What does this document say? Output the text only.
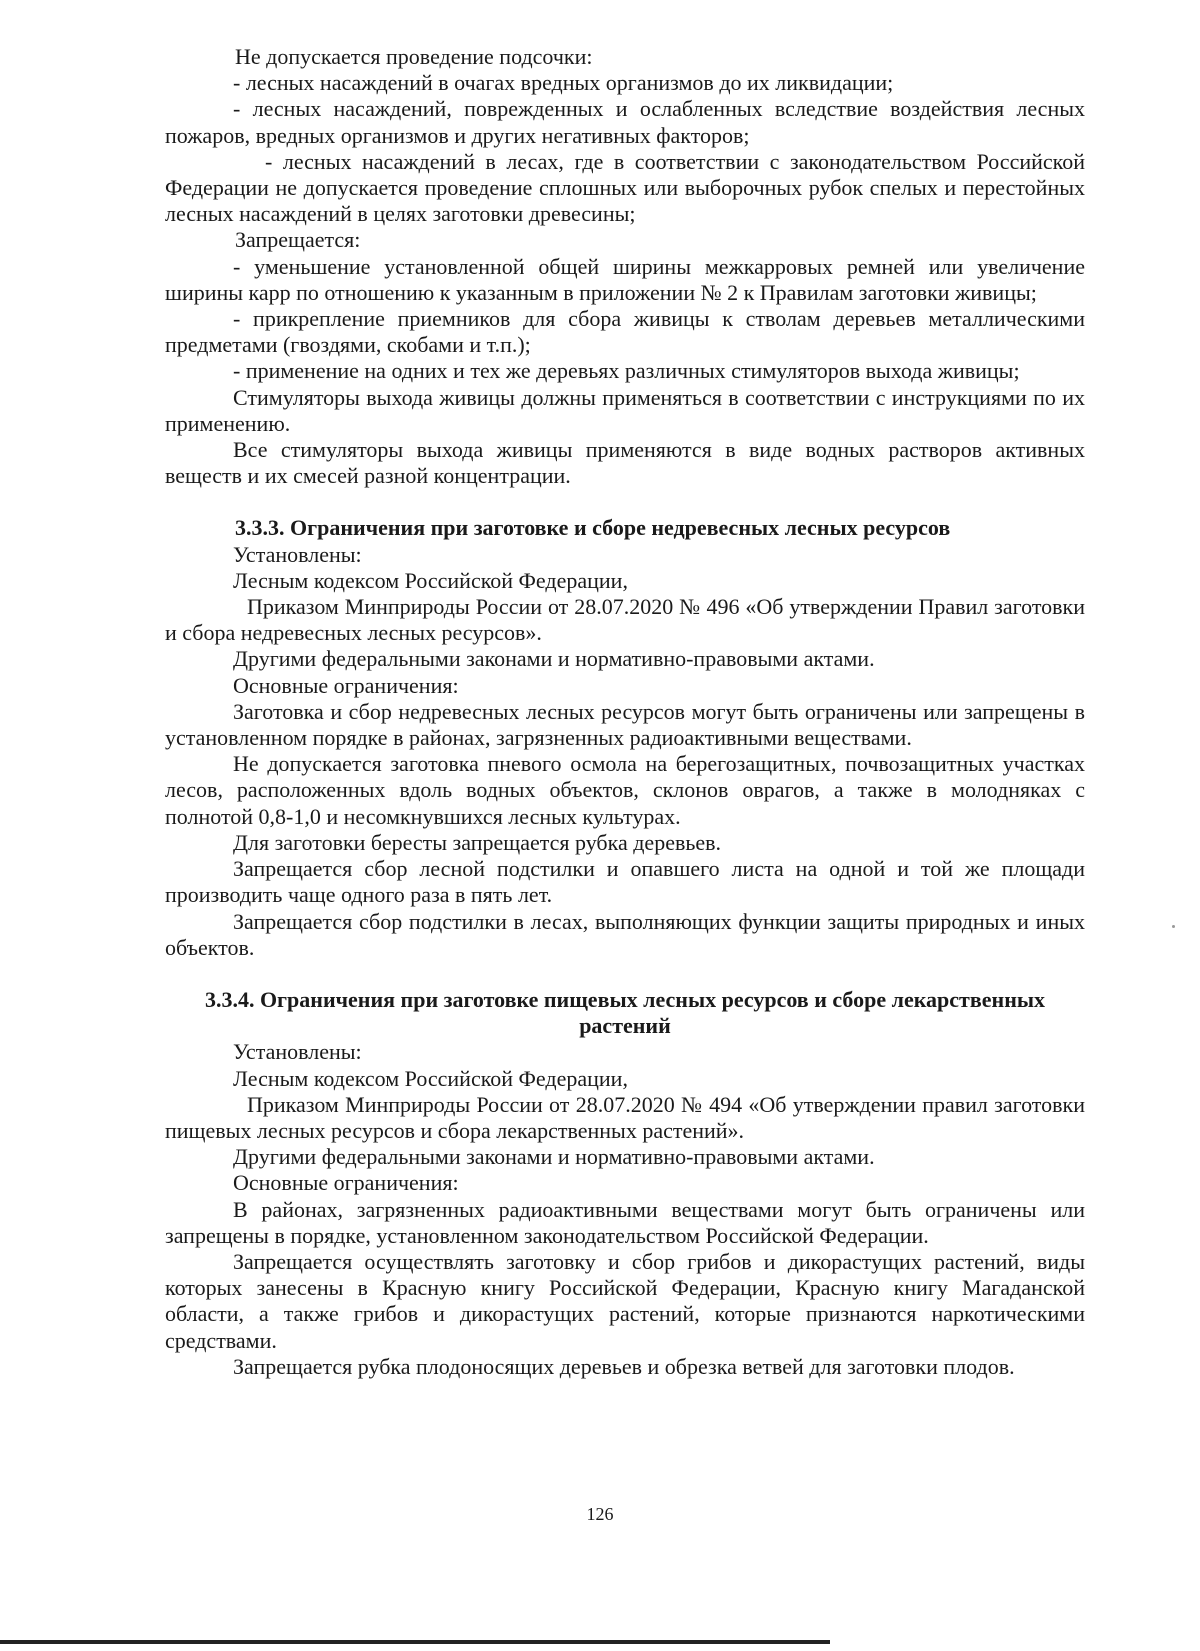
Не допускается проведение подсочки:

- лесных насаждений в очагах вредных организмов до их ликвидации;

- лесных насаждений, поврежденных и ослабленных вследствие воздействия лесных пожаров, вредных организмов и других негативных факторов;

- лесных насаждений в лесах, где в соответствии с законодательством Российской Федерации не допускается проведение сплошных или выборочных рубок спелых и перестойных лесных насаждений в целях заготовки древесины;

Запрещается:

- уменьшение установленной общей ширины межкарровых ремней или увеличение ширины карр по отношению к указанным в приложении № 2 к Правилам заготовки живицы;

- прикрепление приемников для сбора живицы к стволам деревьев металлическими предметами (гвоздями, скобами и т.п.);

- применение на одних и тех же деревьях различных стимуляторов выхода живицы;

Стимуляторы выхода живицы должны применяться в соответствии с инструкциями по их применению.

Все стимуляторы выхода живицы применяются в виде водных растворов активных веществ и их смесей разной концентрации.

3.3.3. Ограничения при заготовке и сборе недревесных лесных ресурсов

Установлены:

Лесным кодексом Российской Федерации,

Приказом Минприроды России от 28.07.2020 № 496 «Об утверждении Правил заготовки и сбора недревесных лесных ресурсов».

Другими федеральными законами и нормативно-правовыми актами.

Основные ограничения:

Заготовка и сбор недревесных лесных ресурсов могут быть ограничены или запрещены в установленном порядке в районах, загрязненных радиоактивными веществами.

Не допускается заготовка пневого осмола на берегозащитных, почвозащитных участках лесов, расположенных вдоль водных объектов, склонов оврагов, а также в молодняках с полнотой 0,8-1,0 и несомкнувшихся лесных культурах.

Для заготовки бересты запрещается рубка деревьев.

Запрещается сбор лесной подстилки и опавшего листа на одной и той же площади производить чаще одного раза в пять лет.

Запрещается сбор подстилки в лесах, выполняющих функции защиты природных и иных объектов.

3.3.4. Ограничения при заготовке пищевых лесных ресурсов и сборе лекарственных растений

Установлены:

Лесным кодексом Российской Федерации,

Приказом Минприроды России от 28.07.2020 № 494 «Об утверждении правил заготовки пищевых лесных ресурсов и сбора лекарственных растений».

Другими федеральными законами и нормативно-правовыми актами.

Основные ограничения:

В районах, загрязненных радиоактивными веществами могут быть ограничены или запрещены в порядке, установленном законодательством Российской Федерации.

Запрещается осуществлять заготовку и сбор грибов и дикорастущих растений, виды которых занесены в Красную книгу Российской Федерации, Красную книгу Магаданской области, а также грибов и дикорастущих растений, которые признаются наркотическими средствами.

Запрещается рубка плодоносящих деревьев и обрезка ветвей для заготовки плодов.

126
